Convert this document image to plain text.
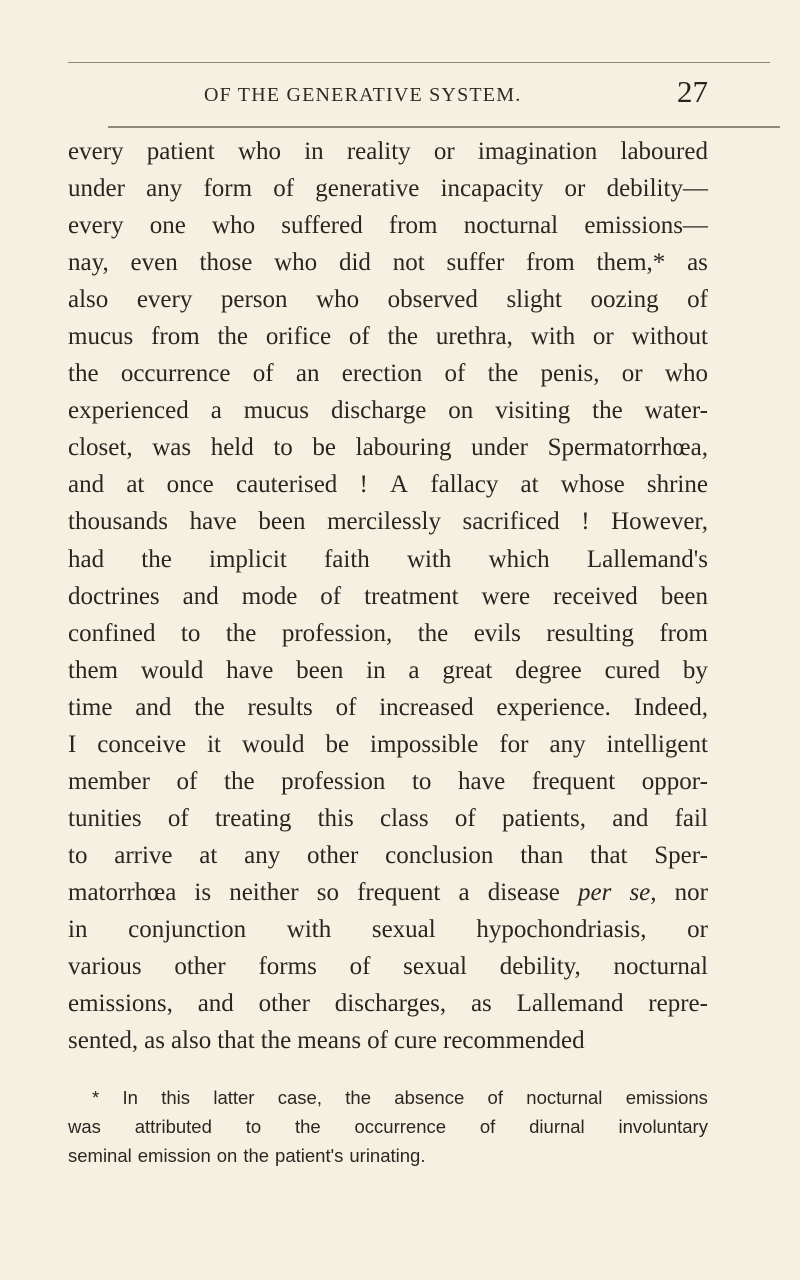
OF THE GENERATIVE SYSTEM.	27
every patient who in reality or imagination laboured
under any form of generative incapacity or debility—
every one who suffered from nocturnal emissions—
nay, even those who did not suffer from them,* as
also every person who observed slight oozing of
mucus from the orifice of the urethra, with or without
the occurrence of an erection of the penis, or who
experienced a mucus discharge on visiting the water-
closet, was held to be labouring under Spermatorrhœa,
and at once cauterised ! A fallacy at whose shrine
thousands have been mercilessly sacrificed ! However,
had the implicit faith with which Lallemand's
doctrines and mode of treatment were received been
confined to the profession, the evils resulting from
them would have been in a great degree cured by
time and the results of increased experience. Indeed,
I conceive it would be impossible for any intelligent
member of the profession to have frequent oppor-
tunities of treating this class of patients, and fail
to arrive at any other conclusion than that Sper-
matorrhœa is neither so frequent a disease per se, nor
in conjunction with sexual hypochondriasis, or
various other forms of sexual debility, nocturnal
emissions, and other discharges, as Lallemand repre-
sented, as also that the means of cure recommended
* In this latter case, the absence of nocturnal emissions
was attributed to the occurrence of diurnal involuntary
seminal emission on the patient's urinating.
